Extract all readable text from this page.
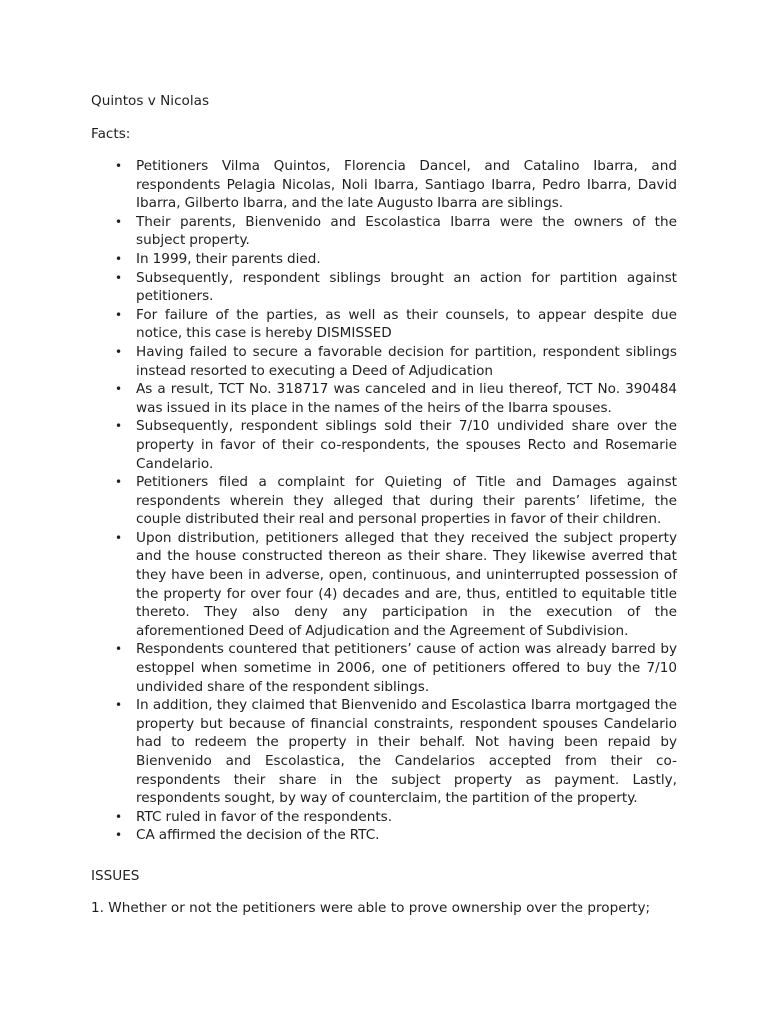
Quintos v Nicolas

Facts:

• Petitioners Vilma Quintos, Florencia Dancel, and Catalino Ibarra, and respondents Pelagia Nicolas, Noli Ibarra, Santiago Ibarra, Pedro Ibarra, David Ibarra, Gilberto Ibarra, and the late Augusto Ibarra are siblings.
• Their parents, Bienvenido and Escolastica Ibarra were the owners of the subject property.
• In 1999, their parents died.
• Subsequently, respondent siblings brought an action for partition against petitioners.
• For failure of the parties, as well as their counsels, to appear despite due notice, this case is hereby DISMISSED
• Having failed to secure a favorable decision for partition, respondent siblings instead resorted to executing a Deed of Adjudication
• As a result, TCT No. 318717 was canceled and in lieu thereof, TCT No. 390484 was issued in its place in the names of the heirs of the Ibarra spouses.
• Subsequently, respondent siblings sold their 7/10 undivided share over the property in favor of their co-respondents, the spouses Recto and Rosemarie Candelario.
• Petitioners filed a complaint for Quieting of Title and Damages against respondents wherein they alleged that during their parents’ lifetime, the couple distributed their real and personal properties in favor of their children.
• Upon distribution, petitioners alleged that they received the subject property and the house constructed thereon as their share. They likewise averred that they have been in adverse, open, continuous, and uninterrupted possession of the property for over four (4) decades and are, thus, entitled to equitable title thereto. They also deny any participation in the execution of the aforementioned Deed of Adjudication and the Agreement of Subdivision.
• Respondents countered that petitioners’ cause of action was already barred by estoppel when sometime in 2006, one of petitioners offered to buy the 7/10 undivided share of the respondent siblings.
• In addition, they claimed that Bienvenido and Escolastica Ibarra mortgaged the property but because of financial constraints, respondent spouses Candelario had to redeem the property in their behalf. Not having been repaid by Bienvenido and Escolastica, the Candelarios accepted from their co-respondents their share in the subject property as payment. Lastly, respondents sought, by way of counterclaim, the partition of the property.
• RTC ruled in favor of the respondents.
• CA affirmed the decision of the RTC.

ISSUES

1. Whether or not the petitioners were able to prove ownership over the property;
